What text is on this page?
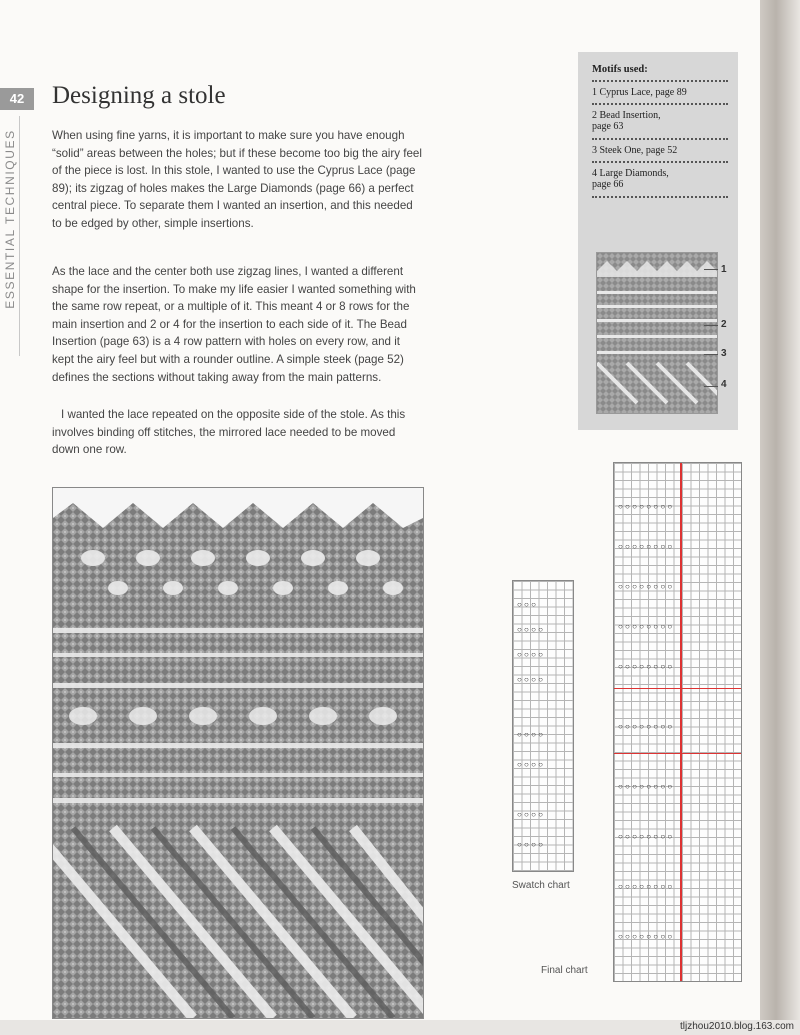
42
ESSENTIAL TECHNIQUES
Designing a stole

When using fine yarns, it is important to make sure you have enough “solid” areas between the holes; but if these become too big the airy feel of the piece is lost. In this stole, I wanted to use the Cyprus Lace (page 89); its zigzag of holes makes the Large Diamonds (page 66) a perfect central piece. To separate them I wanted an insertion, and this needed to be edged by other, simple insertions.

As the lace and the center both use zigzag lines, I wanted a different shape for the insertion. To make my life easier I wanted something with the same row repeat, or a multiple of it. This meant 4 or 8 rows for the main insertion and 2 or 4 for the insertion to each side of it. The Bead Insertion (page 63) is a 4 row pattern with holes on every row, and it kept the airy feel but with a rounder outline. A simple steek (page 52) defines the sections without taking away from the main patterns.

I wanted the lace repeated on the opposite side of the stole. As this involves binding off stitches, the mirrored lace needed to be moved down one row.

Motifs used:
1 Cyprus Lace, page 89
2 Bead Insertion,
page 63
3 Steek One, page 52
4 Large Diamonds,
page 66
1
2
3
4
○ ○ ○
○ ○ ○ ○
○ ○ ○ ○
○ ○ ○ ○
○ ○ ○ ○
○ ○ ○ ○
○ ○ ○ ○
○ ○ ○ ○
Swatch chart
○ ○ ○ ○ ○ ○ ○ ○
○ ○ ○ ○ ○ ○ ○ ○
○ ○ ○ ○ ○ ○ ○ ○
○ ○ ○ ○ ○ ○ ○ ○
○ ○ ○ ○ ○ ○ ○ ○
○ ○ ○ ○ ○ ○ ○ ○
○ ○ ○ ○ ○ ○ ○ ○
○ ○ ○ ○ ○ ○ ○ ○
○ ○ ○ ○ ○ ○ ○ ○
○ ○ ○ ○ ○ ○ ○ ○
Final chart
tljzhou2010.blog.163.com
